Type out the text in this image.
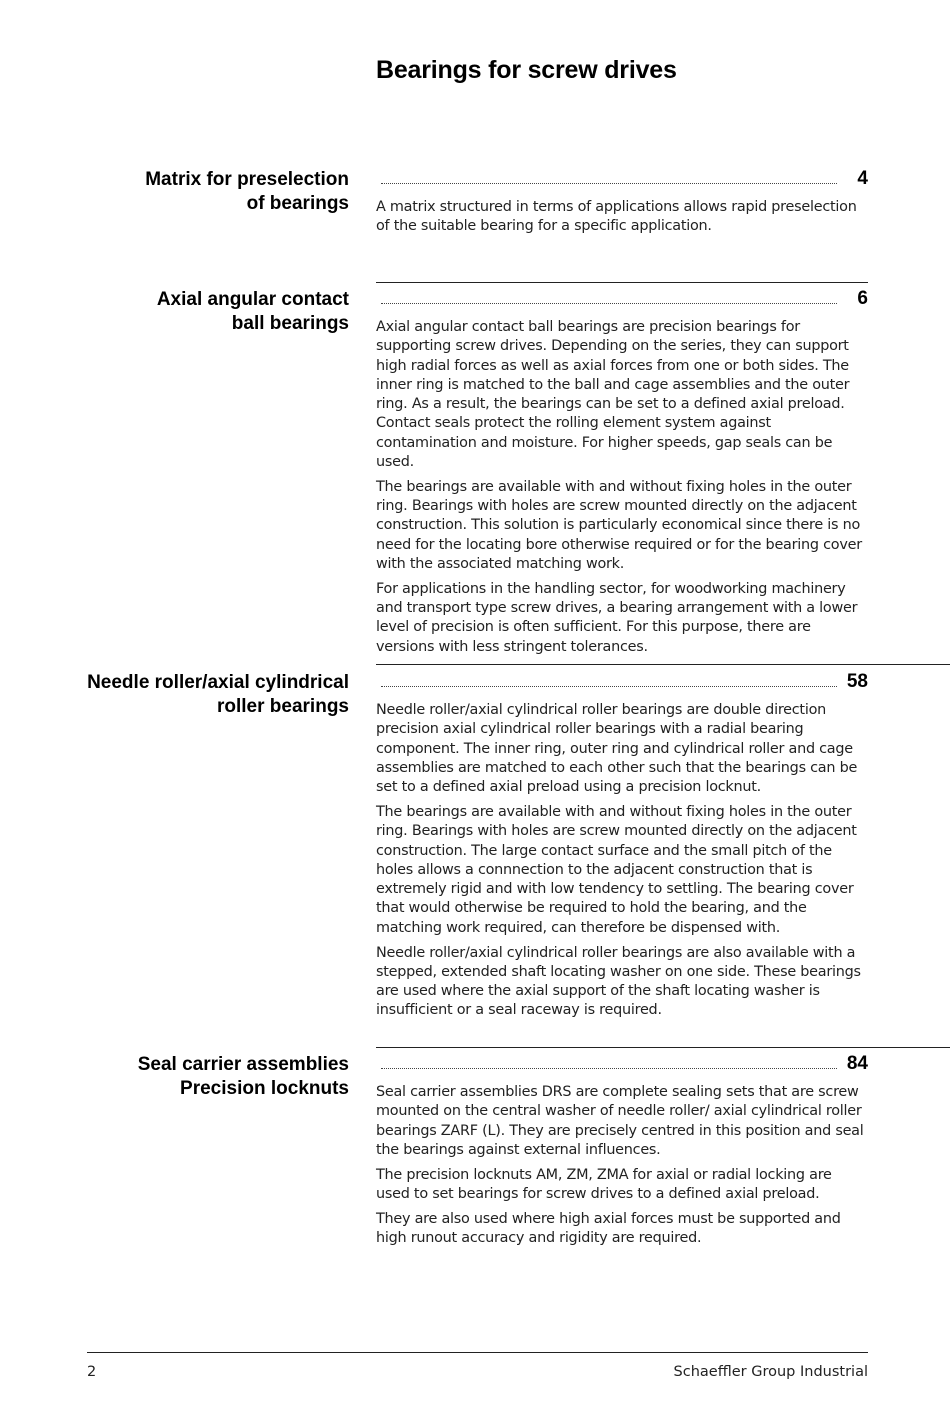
Bearings for screw drives
Matrix for preselection
of bearings
4

A matrix structured in terms of applications allows rapid preselection of the suitable bearing for a specific application.

Axial angular contact
ball bearings
6

Axial angular contact ball bearings are precision bearings for supporting screw drives. Depending on the series, they can support high radial forces as well as axial forces from one or both sides. The inner ring is matched to the ball and cage assemblies and the outer ring. As a result, the bearings can be set to a defined axial preload. Contact seals protect the rolling element system against contamination and moisture. For higher speeds, gap seals can be used.

The bearings are available with and without fixing holes in the outer ring. Bearings with holes are screw mounted directly on the adjacent construction. This solution is particularly economical since there is no need for the locating bore otherwise required or for the bearing cover with the associated matching work.

For applications in the handling sector, for woodworking machinery and transport type screw drives, a bearing arrangement with a lower level of precision is often sufficient. For this purpose, there are versions with less stringent tolerances.

Needle roller/axial cylindrical
roller bearings
58

Needle roller/axial cylindrical roller bearings are double direction precision axial cylindrical roller bearings with a radial bearing component. The inner ring, outer ring and cylindrical roller and cage assemblies are matched to each other such that the bearings can be set to a defined axial preload using a precision locknut.

The bearings are available with and without fixing holes in the outer ring. Bearings with holes are screw mounted directly on the adjacent construction. The large contact surface and the small pitch of the holes allows a connnection to the adjacent construction that is extremely rigid and with low tendency to settling. The bearing cover that would otherwise be required to hold the bearing, and the matching work required, can therefore be dispensed with.

Needle roller/axial cylindrical roller bearings are also available with a stepped, extended shaft locating washer on one side. These bearings are used where the axial support of the shaft locating washer is insufficient or a seal raceway is required.

Seal carrier assemblies
Precision locknuts
84

Seal carrier assemblies DRS are complete sealing sets that are screw mounted on the central washer of needle roller/ axial cylindrical roller bearings ZARF (L). They are precisely centred in this position and seal the bearings against external influences.

The precision locknuts AM, ZM, ZMA for axial or radial locking are used to set bearings for screw drives to a defined axial preload.

They are also used where high axial forces must be supported and high runout accuracy and rigidity are required.

2	Schaeffler Group Industrial
